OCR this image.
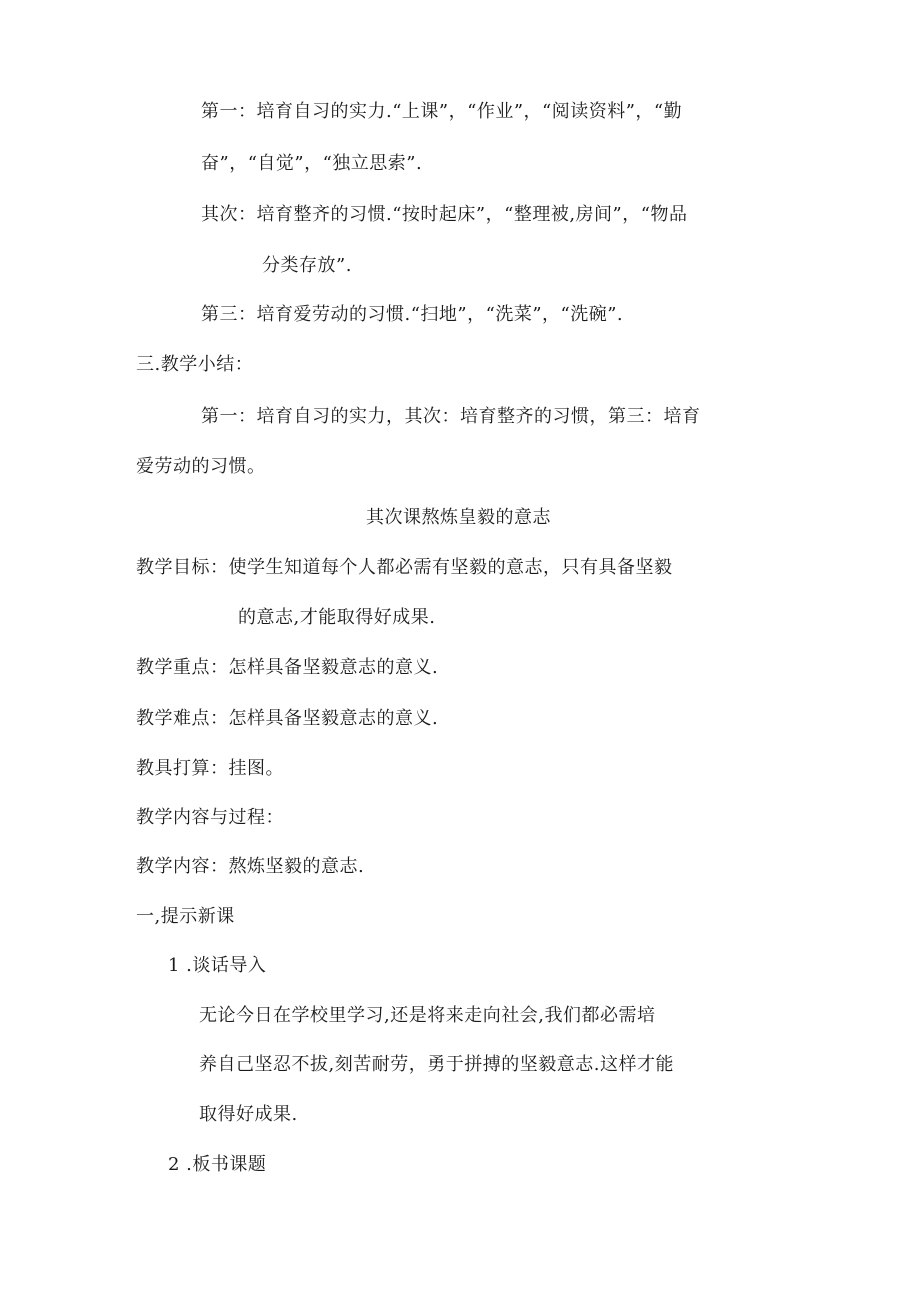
第一：培育自习的实力.“上课”，“作业”，“阅读资料”，“勤
奋”，“自觉”，“独立思索”.
其次：培育整齐的习惯.“按时起床”，“整理被,房间”，“物品
分类存放”.
第三：培育爱劳动的习惯.“扫地”，“洗菜”，“洗碗”.
三.教学小结：
第一：培育自习的实力，其次：培育整齐的习惯，第三：培育
爱劳动的习惯。
其次课熬炼皇毅的意志
教学目标：使学生知道每个人都必需有坚毅的意志，只有具备坚毅
的意志,才能取得好成果.
教学重点：怎样具备坚毅意志的意义.
教学难点：怎样具备坚毅意志的意义.
教具打算：挂图。
教学内容与过程：
教学内容：熬炼坚毅的意志.
一,提示新课
1 .谈话导入
无论今日在学校里学习,还是将来走向社会,我们都必需培
养自己坚忍不拔,刻苦耐劳，勇于拼搏的坚毅意志.这样才能
取得好成果.
2 .板书课题
